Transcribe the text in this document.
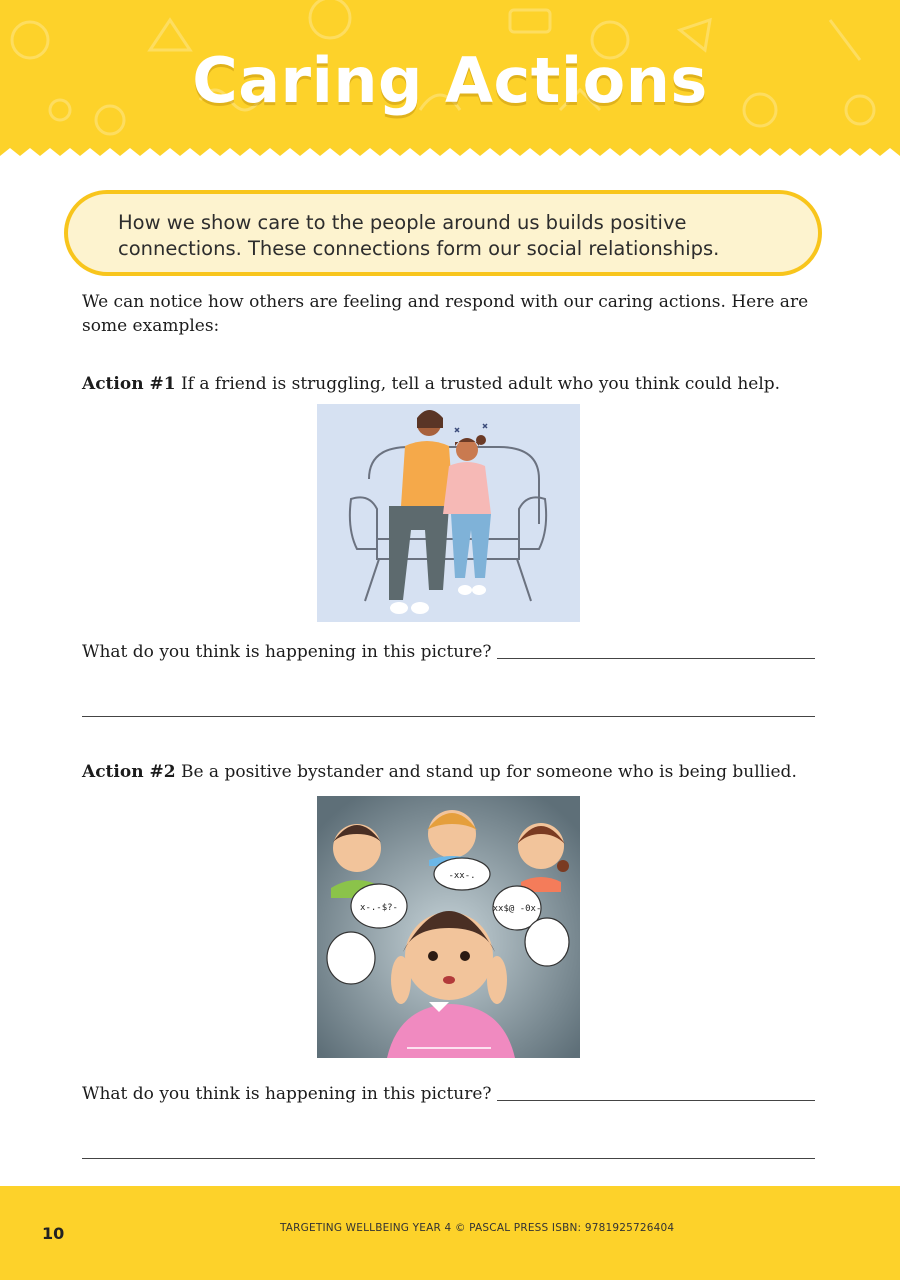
Caring Actions

How we show care to the people around us builds positive connections. These connections form our social relationships.

We can notice how others are feeling and respond with our caring actions. Here are some examples:
Action #1 If a friend is struggling, tell a trusted adult who you think could help.
What do you think is happening in this picture?
Action #2 Be a positive bystander and stand up for someone who is being bullied.
x-.-$?-
-xx-.
xx$@ -0x-
What do you think is happening in this picture?
10	TARGETING WELLBEING YEAR 4 © PASCAL PRESS ISBN: 9781925726404
